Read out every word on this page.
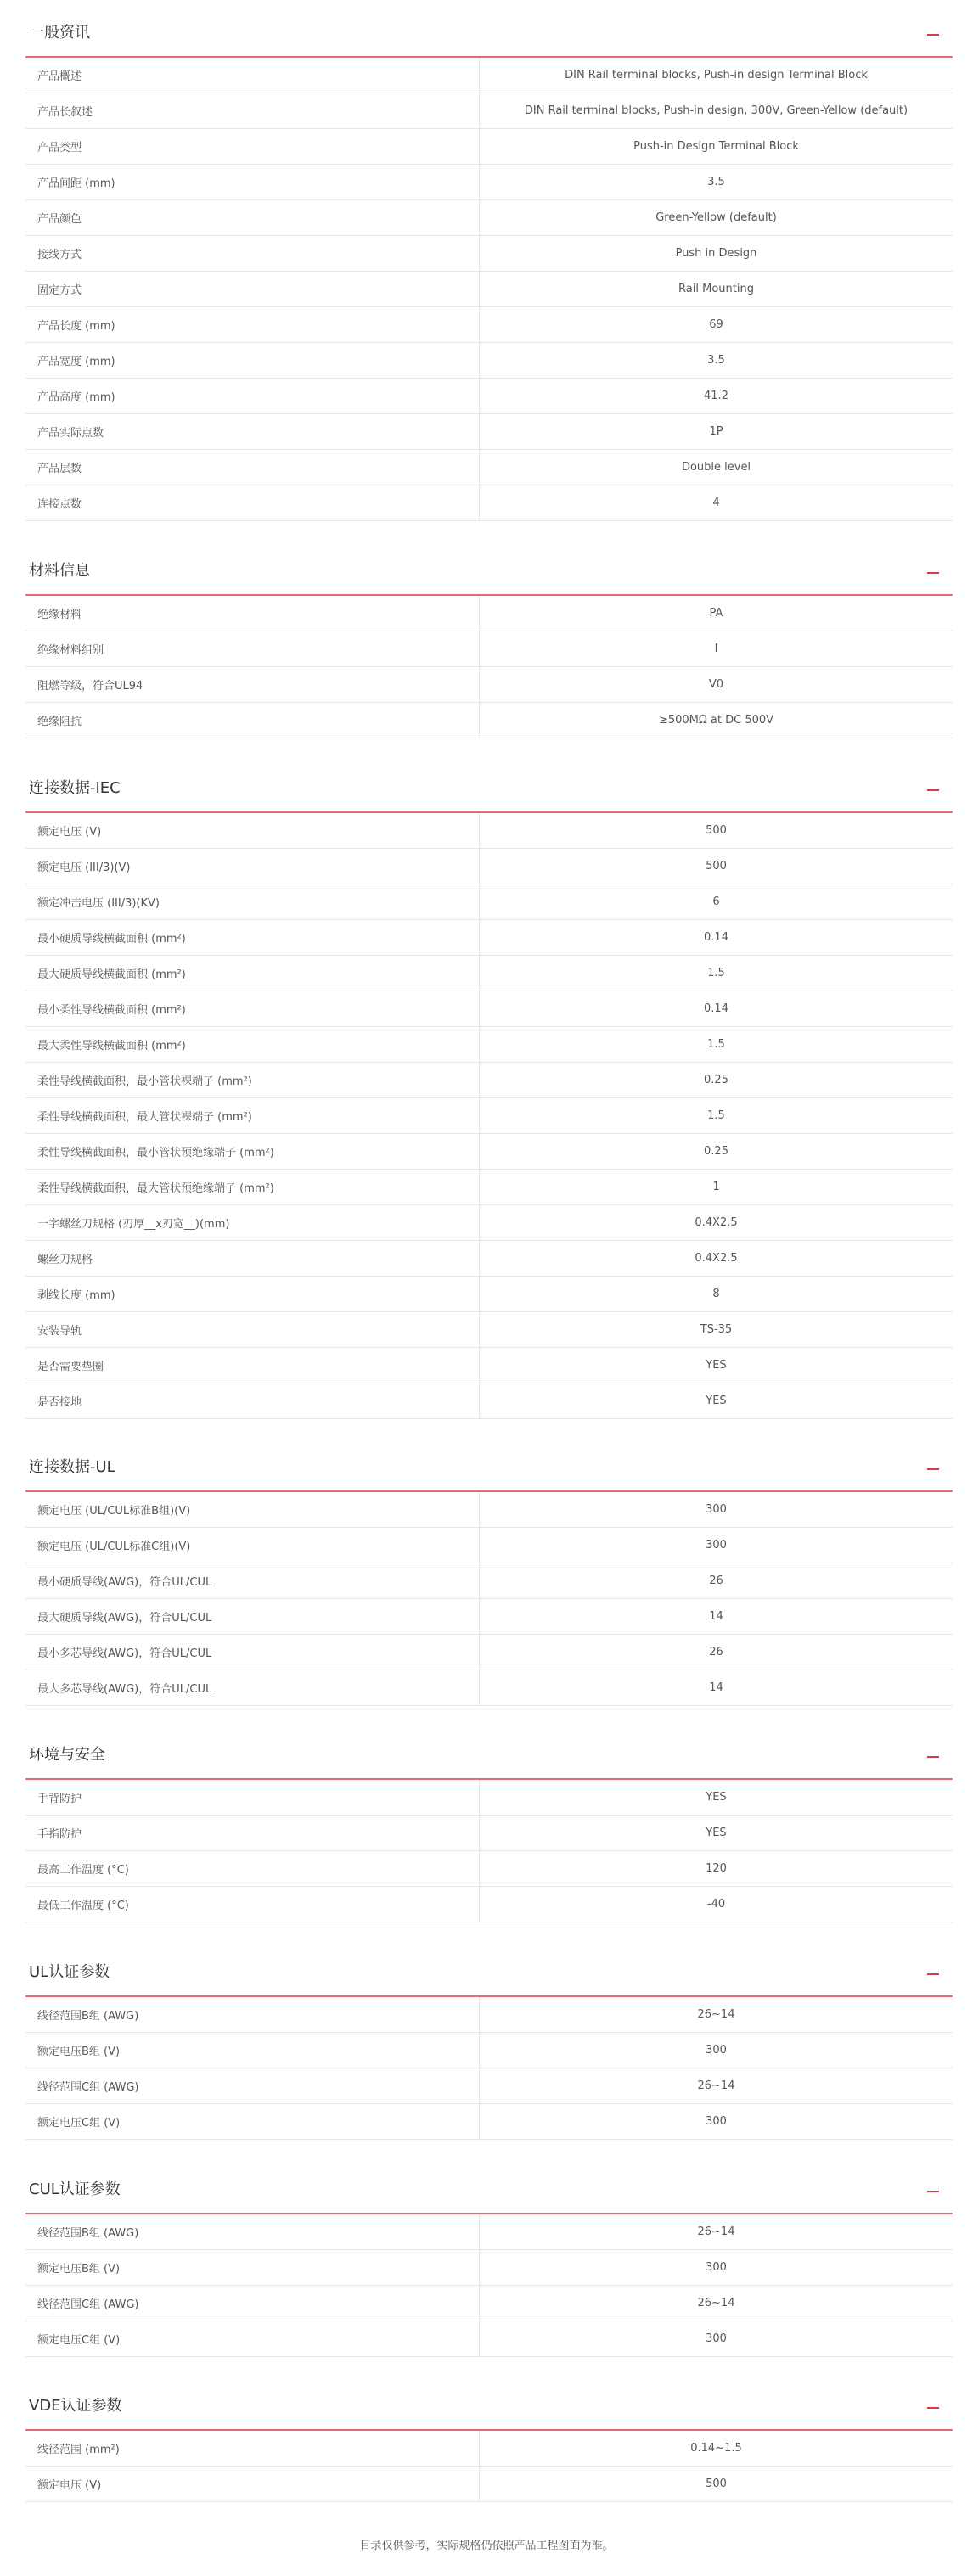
一般资讯
产品概述	DIN Rail terminal blocks, Push-in design Terminal Block
产品长叙述	DIN Rail terminal blocks, Push-in design, 300V, Green-Yellow (default)
产品类型	Push-in Design Terminal Block
产品间距 (mm)	3.5
产品颜色	Green-Yellow (default)
接线方式	Push in Design
固定方式	Rail Mounting
产品长度 (mm)	69
产品宽度 (mm)	3.5
产品高度 (mm)	41.2
产品实际点数	1P
产品层数	Double level
连接点数	4
材料信息
绝缘材料	PA
绝缘材料组别	I
阻燃等级，符合UL94	V0
绝缘阻抗	≥500MΩ at DC 500V
连接数据-IEC
额定电压 (V)	500
额定电压 (III/3)(V)	500
额定冲击电压 (III/3)(KV)	6
最小硬质导线横截面积 (mm²)	0.14
最大硬质导线横截面积 (mm²)	1.5
最小柔性导线横截面积 (mm²)	0.14
最大柔性导线横截面积 (mm²)	1.5
柔性导线横截面积，最小管状裸端子 (mm²)	0.25
柔性导线横截面积，最大管状裸端子 (mm²)	1.5
柔性导线横截面积，最小管状预绝缘端子 (mm²)	0.25
柔性导线横截面积，最大管状预绝缘端子 (mm²)	1
一字螺丝刀规格 (刃厚__x刃宽__)(mm)	0.4X2.5
螺丝刀规格	0.4X2.5
剥线长度 (mm)	8
安装导轨	TS-35
是否需要垫圈	YES
是否接地	YES
连接数据-UL
额定电压 (UL/CUL标准B组)(V)	300
额定电压 (UL/CUL标准C组)(V)	300
最小硬质导线(AWG)，符合UL/CUL	26
最大硬质导线(AWG)，符合UL/CUL	14
最小多芯导线(AWG)，符合UL/CUL	26
最大多芯导线(AWG)，符合UL/CUL	14
环境与安全
手背防护	YES
手指防护	YES
最高工作温度 (°C)	120
最低工作温度 (°C)	-40
UL认证参数
线径范围B组 (AWG)	26~14
额定电压B组 (V)	300
线径范围C组 (AWG)	26~14
额定电压C组 (V)	300
CUL认证参数
线径范围B组 (AWG)	26~14
额定电压B组 (V)	300
线径范围C组 (AWG)	26~14
额定电压C组 (V)	300
VDE认证参数
线径范围 (mm²)	0.14~1.5
额定电压 (V)	500
目录仅供参考，实际规格仍依照产品工程图面为准。
